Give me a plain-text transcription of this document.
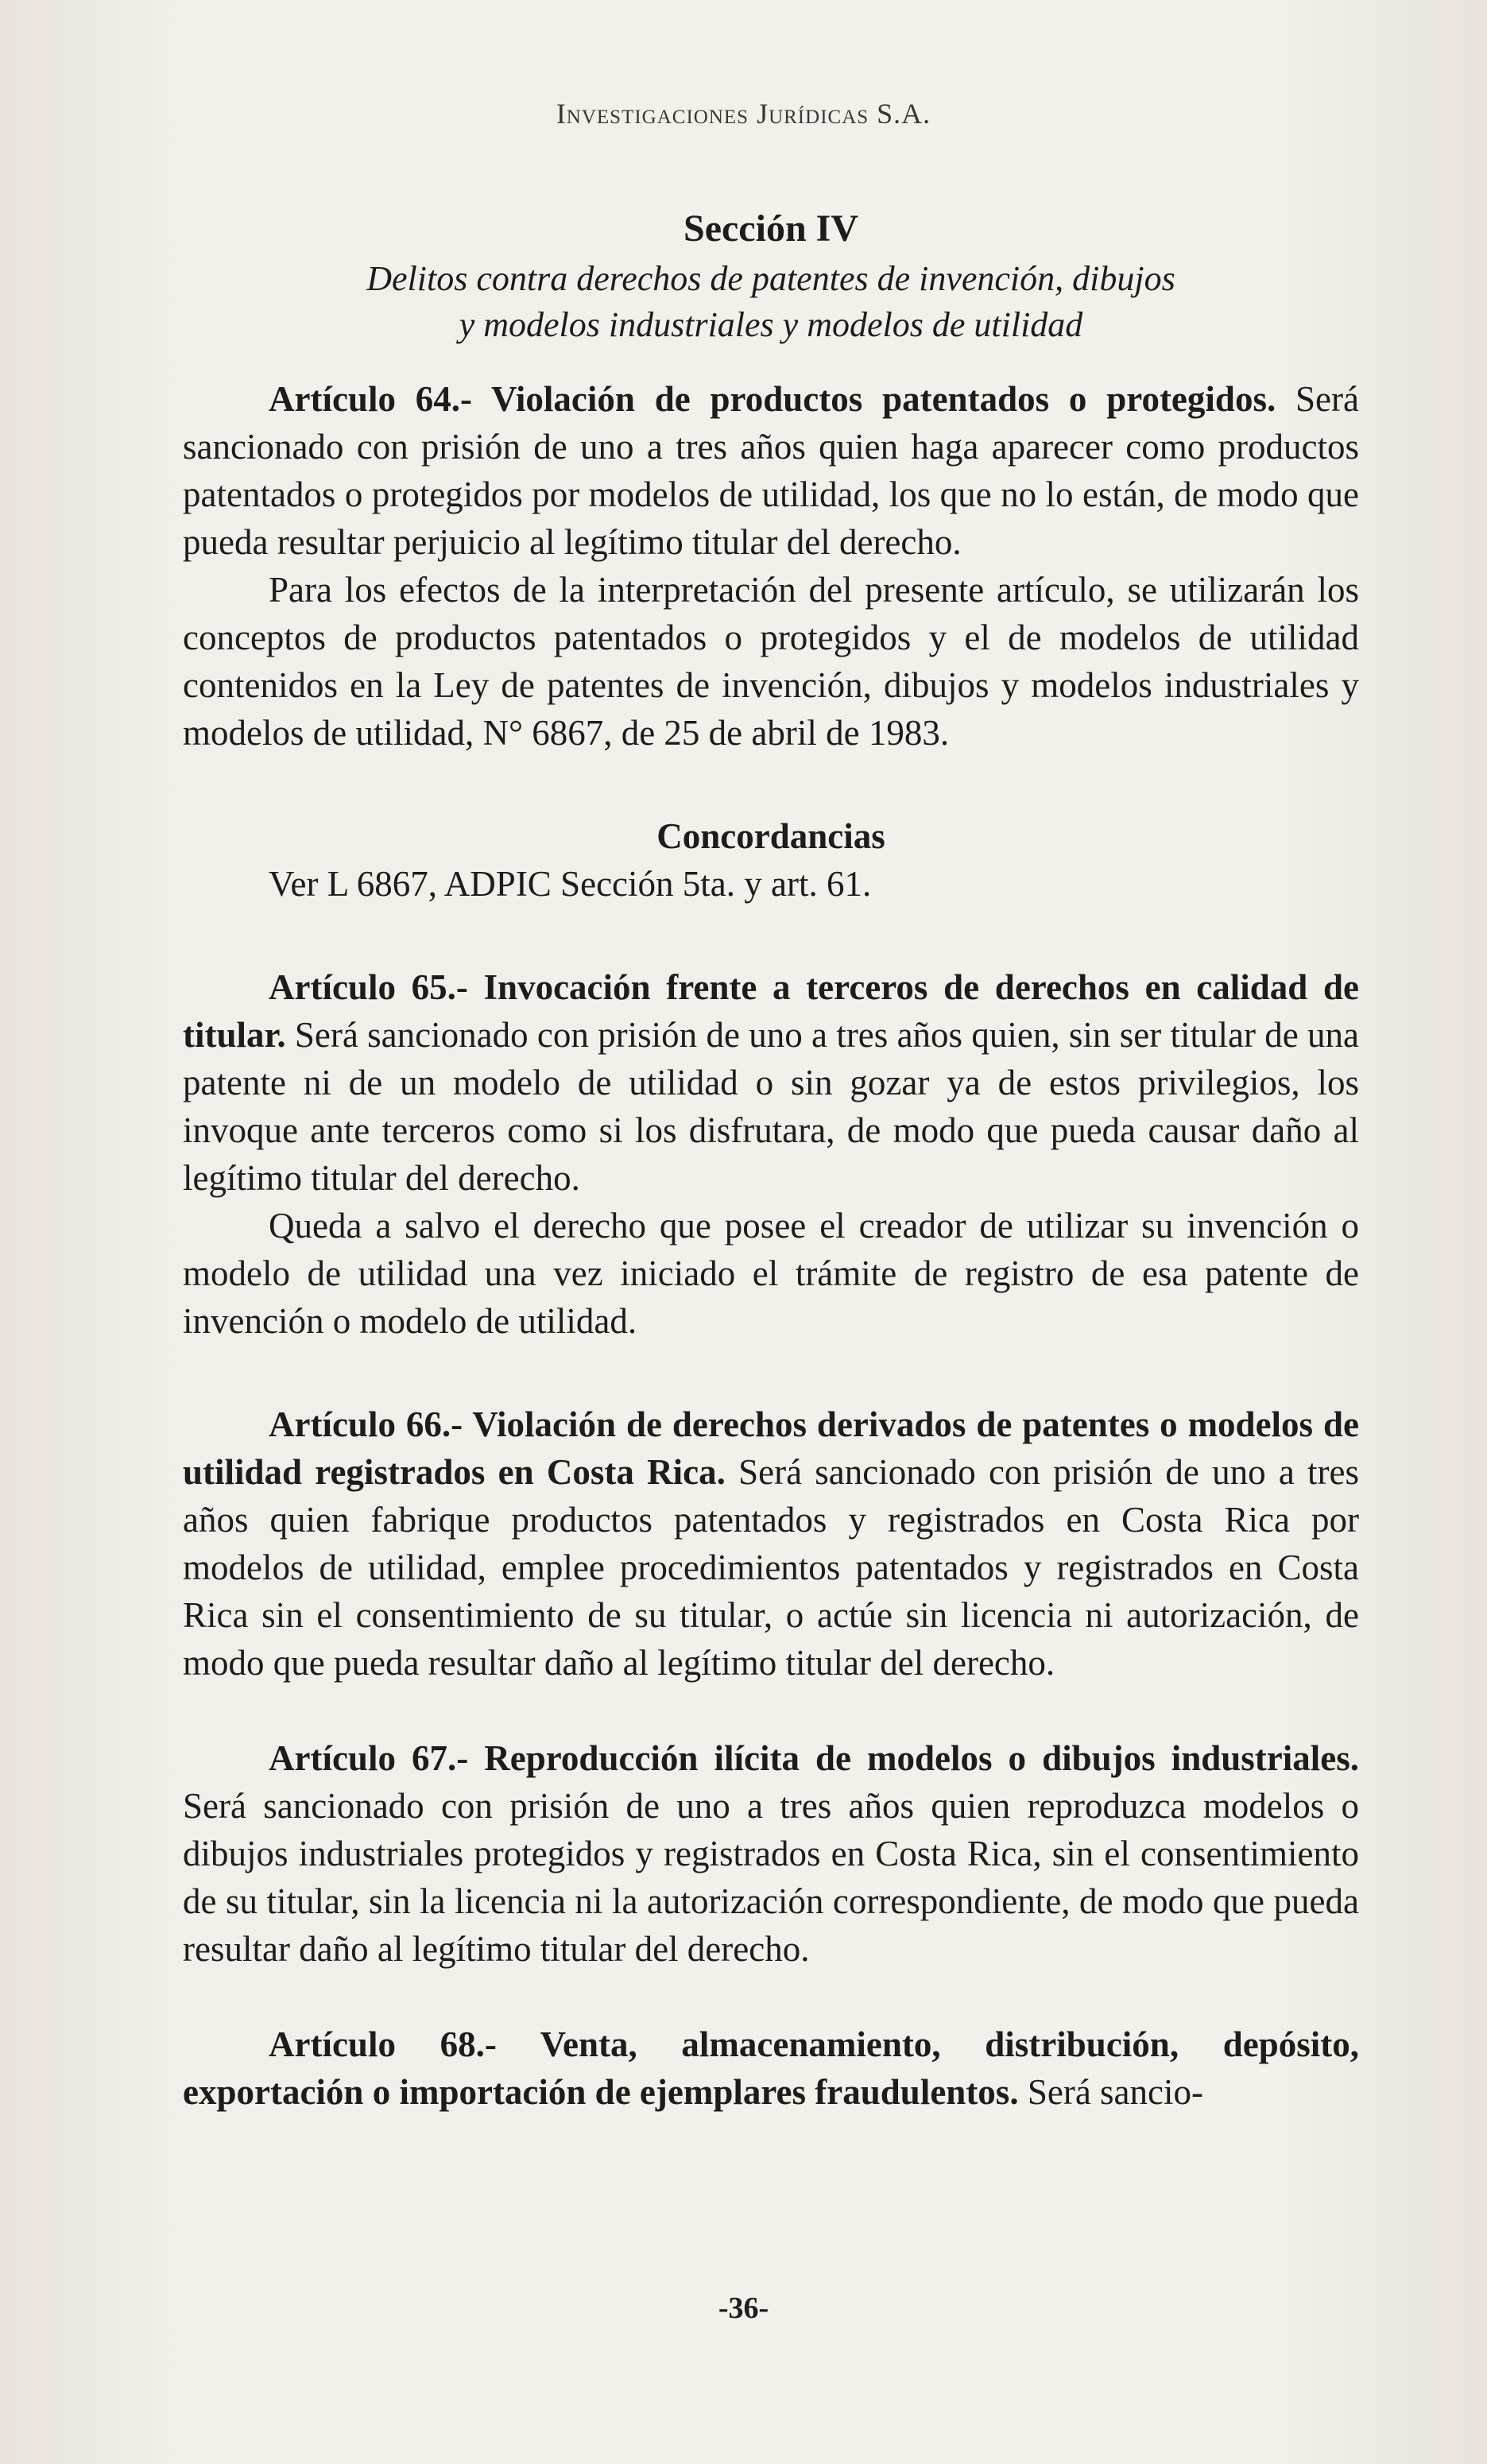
Investigaciones Jurídicas S.A.

Sección IV

Delitos contra derechos de patentes de invención, dibujos

y modelos industriales y modelos de utilidad

Artículo 64.- Violación de productos patentados o protegidos. Será sancionado con prisión de uno a tres años quien haga aparecer como productos patentados o protegidos por modelos de utilidad, los que no lo están, de modo que pueda resultar perjuicio al legítimo titular del derecho.

Para los efectos de la interpretación del presente artículo, se utilizarán los conceptos de productos patentados o protegidos y el de modelos de utilidad contenidos en la Ley de patentes de invención, dibujos y modelos industriales y modelos de utilidad, N° 6867, de 25 de abril de 1983.

Concordancias

Ver L 6867, ADPIC Sección 5ta. y art. 61.

Artículo 65.- Invocación frente a terceros de derechos en calidad de titular. Será sancionado con prisión de uno a tres años quien, sin ser titular de una patente ni de un modelo de utilidad o sin gozar ya de estos privilegios, los invoque ante terceros como si los disfrutara, de modo que pueda causar daño al legítimo titular del derecho.

Queda a salvo el derecho que posee el creador de utilizar su invención o modelo de utilidad una vez iniciado el trámite de registro de esa patente de invención o modelo de utilidad.

Artículo 66.- Violación de derechos derivados de patentes o modelos de utilidad registrados en Costa Rica. Será sancionado con prisión de uno a tres años quien fabrique productos patentados y registrados en Costa Rica por modelos de utilidad, emplee procedimientos patentados y registrados en Costa Rica sin el consentimiento de su titular, o actúe sin licencia ni autorización, de modo que pueda resultar daño al legítimo titular del derecho.

Artículo 67.- Reproducción ilícita de modelos o dibujos industriales. Será sancionado con prisión de uno a tres años quien reproduzca modelos o dibujos industriales protegidos y registrados en Costa Rica, sin el consentimiento de su titular, sin la licencia ni la autorización correspondiente, de modo que pueda resultar daño al legítimo titular del derecho.

Artículo 68.- Venta, almacenamiento, distribución, depósito, exportación o importación de ejemplares fraudulentos. Será sancio-

-36-
